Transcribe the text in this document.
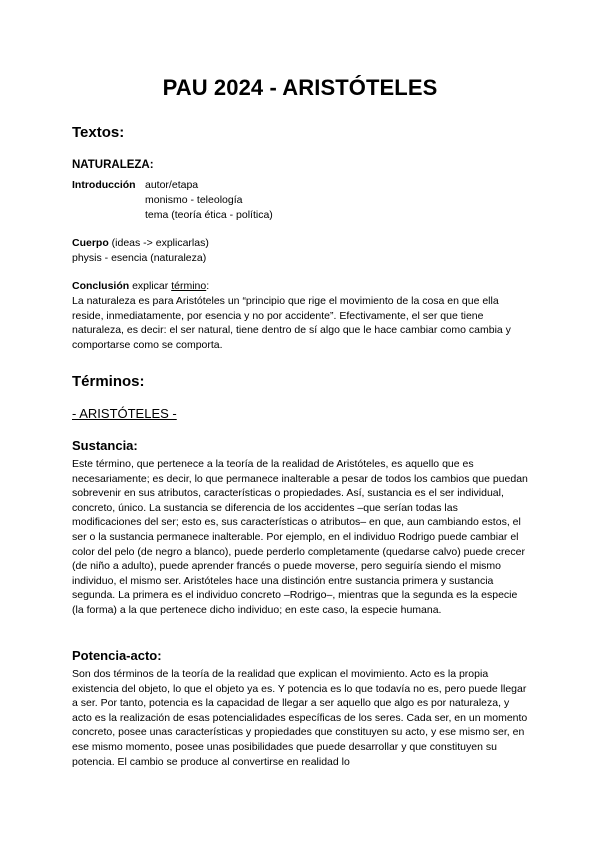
PAU 2024 - ARISTÓTELES
Textos:
NATURALEZA:
Introducción autor/etapa
monismo - teleología
tema (teoría ética - política)
Cuerpo (ideas -> explicarlas)
physis - esencia (naturaleza)
Conclusión explicar término:
La naturaleza es para Aristóteles un “principio que rige el movimiento de la cosa en que ella reside, inmediatamente, por esencia y no por accidente”. Efectivamente, el ser que tiene naturaleza, es decir: el ser natural, tiene dentro de sí algo que le hace cambiar como cambia y comportarse como se comporta.
Términos:
- ARISTÓTELES -
Sustancia:
Este término, que pertenece a la teoría de la realidad de Aristóteles, es aquello que es necesariamente; es decir, lo que permanece inalterable a pesar de todos los cambios que puedan sobrevenir en sus atributos, características o propiedades. Así, sustancia es el ser individual, concreto, único. La sustancia se diferencia de los accidentes –que serían todas las modificaciones del ser; esto es, sus características o atributos– en que, aun cambiando estos, el ser o la sustancia permanece inalterable. Por ejemplo, en el individuo Rodrigo puede cambiar el color del pelo (de negro a blanco), puede perderlo completamente (quedarse calvo) puede crecer (de niño a adulto), puede aprender francés o puede moverse, pero seguiría siendo el mismo individuo, el mismo ser. Aristóteles hace una distinción entre sustancia primera y sustancia segunda. La primera es el individuo concreto –Rodrigo–, mientras que la segunda es la especie (la forma) a la que pertenece dicho individuo; en este caso, la especie humana.
Potencia-acto:
Son dos términos de la teoría de la realidad que explican el movimiento. Acto es la propia existencia del objeto, lo que el objeto ya es. Y potencia es lo que todavía no es, pero puede llegar a ser. Por tanto, potencia es la capacidad de llegar a ser aquello que algo es por naturaleza, y acto es la realización de esas potencialidades específicas de los seres. Cada ser, en un momento concreto, posee unas características y propiedades que constituyen su acto, y ese mismo ser, en ese mismo momento, posee unas posibilidades que puede desarrollar y que constituyen su potencia. El cambio se produce al convertirse en realidad lo
